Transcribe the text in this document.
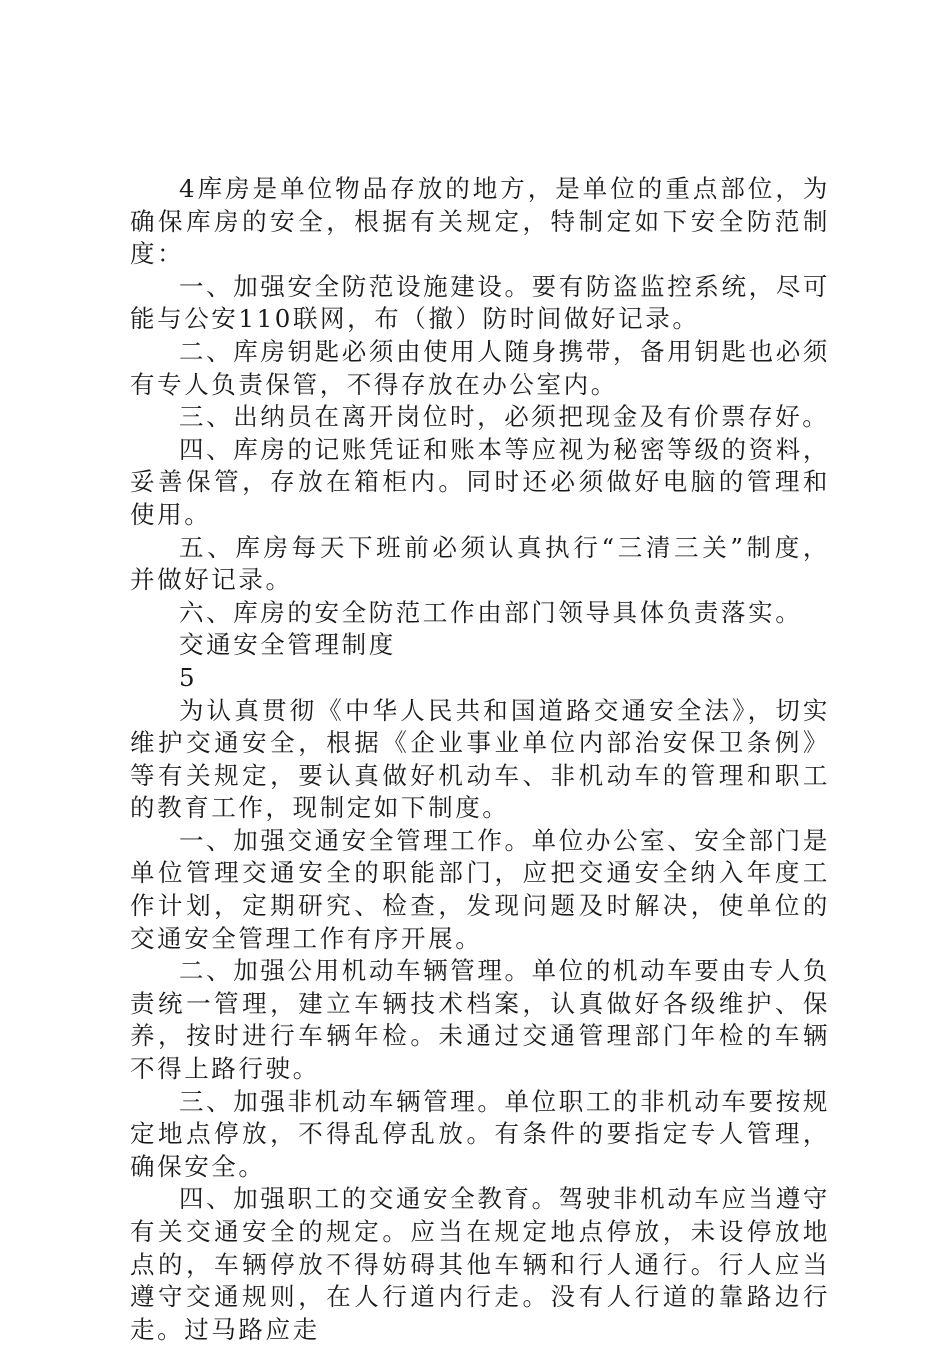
4库房是单位物品存放的地方，是单位的重点部位，为确保库房的安全，根据有关规定，特制定如下安全防范制度：

一、加强安全防范设施建设。要有防盗监控系统，尽可能与公安110联网，布（撤）防时间做好记录。

二、库房钥匙必须由使用人随身携带，备用钥匙也必须有专人负责保管，不得存放在办公室内。

三、出纳员在离开岗位时，必须把现金及有价票存好。

四、库房的记账凭证和账本等应视为秘密等级的资料，妥善保管，存放在箱柜内。同时还必须做好电脑的管理和使用。

五、库房每天下班前必须认真执行“三清三关”制度，并做好记录。

六、库房的安全防范工作由部门领导具体负责落实。

交通安全管理制度

5

为认真贯彻《中华人民共和国道路交通安全法》，切实维护交通安全，根据《企业事业单位内部治安保卫条例》等有关规定，要认真做好机动车、非机动车的管理和职工的教育工作，现制定如下制度。

一、加强交通安全管理工作。单位办公室、安全部门是单位管理交通安全的职能部门，应把交通安全纳入年度工作计划，定期研究、检查，发现问题及时解决，使单位的交通安全管理工作有序开展。

二、加强公用机动车辆管理。单位的机动车要由专人负责统一管理，建立车辆技术档案，认真做好各级维护、保养，按时进行车辆年检。未通过交通管理部门年检的车辆不得上路行驶。

三、加强非机动车辆管理。单位职工的非机动车要按规定地点停放，不得乱停乱放。有条件的要指定专人管理，确保安全。

四、加强职工的交通安全教育。驾驶非机动车应当遵守有关交通安全的规定。应当在规定地点停放，未设停放地点的，车辆停放不得妨碍其他车辆和行人通行。行人应当遵守交通规则，在人行道内行走。没有人行道的靠路边行走。过马路应走
